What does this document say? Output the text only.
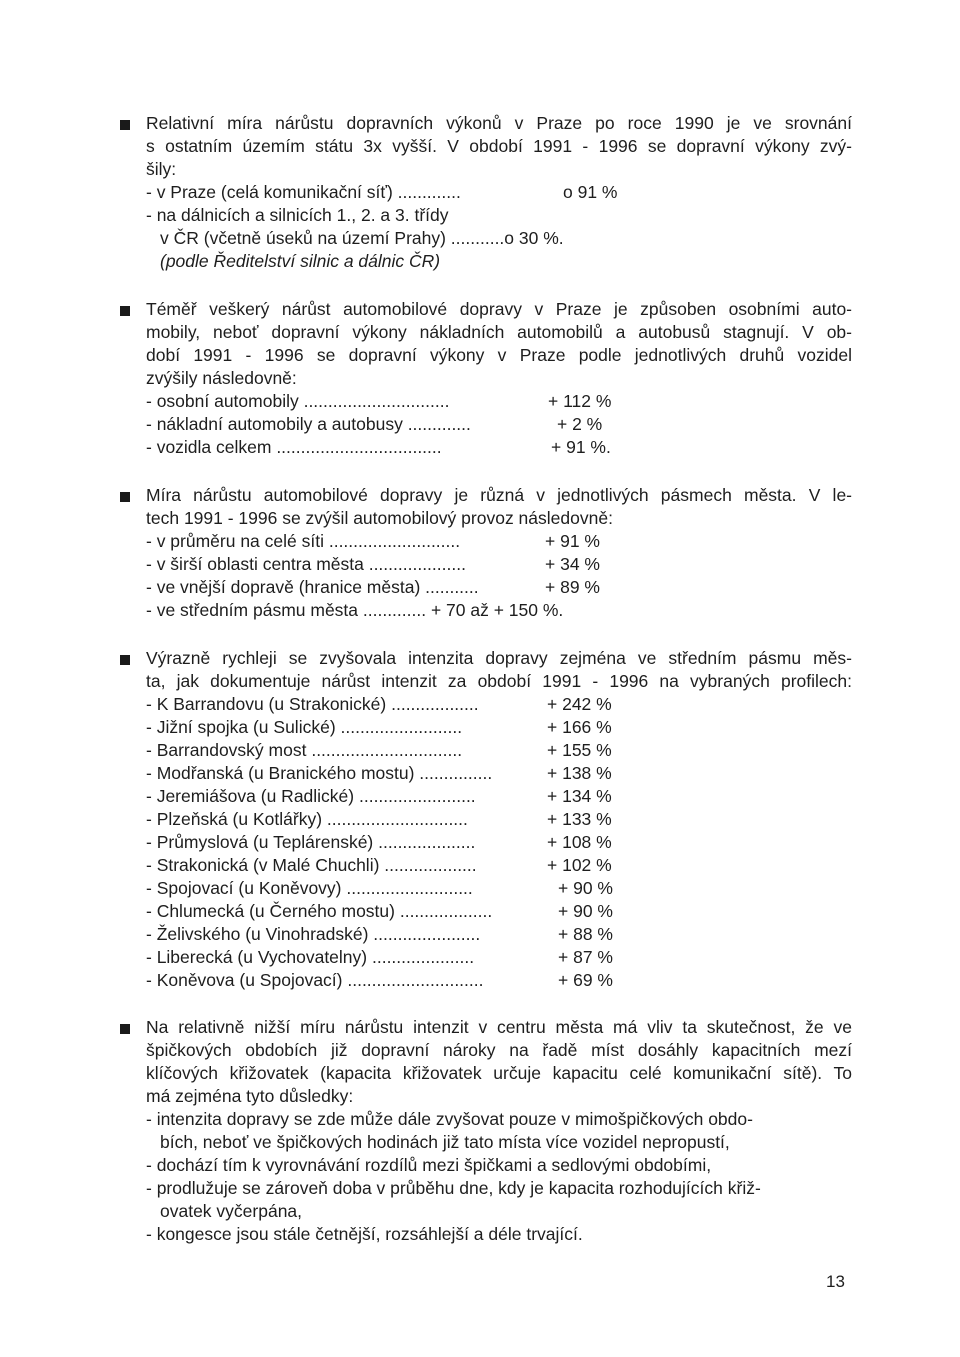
Relativní míra nárůstu dopravních výkonů v Praze po roce 1990 je ve srovnání
s ostatním územím státu 3x vyšší. V období 1991 - 1996 se dopravní výkony zvý-
šily:
- v Praze (celá komunikační síť) .............	o 91 %
- na dálnicích a silnicích 1., 2. a 3. třídy
v ČR (včetně úseků na území Prahy) ...........o 30 %.
(podle Ředitelství silnic a dálnic ČR)
Téměř veškerý nárůst automobilové dopravy v Praze je způsoben osobními auto-
mobily, neboť dopravní výkony nákladních automobilů a autobusů stagnují. V ob-
dobí 1991 - 1996 se dopravní výkony v Praze podle jednotlivých druhů vozidel
zvýšily následovně:
- osobní automobily ..............................	+ 112 %
- nákladní automobily a autobusy .............	+ 2 %
- vozidla celkem ..................................	+ 91 %.
Míra nárůstu automobilové dopravy je různá v jednotlivých pásmech města. V le-
tech 1991 - 1996 se zvýšil automobilový provoz následovně:
- v průměru na celé síti ...........................	+ 91 %
- v širší oblasti centra města ....................	+ 34 %
- ve vnější dopravě (hranice města) ...........	+ 89 %
- ve středním pásmu města ............. + 70 až + 150 %.
Výrazně rychleji se zvyšovala intenzita dopravy zejména ve středním pásmu měs-
ta, jak dokumentuje nárůst intenzit za období 1991 - 1996 na vybraných profilech:
- K Barrandovu (u Strakonické) ..................	+ 242 %
- Jižní spojka (u Sulické) .........................	+ 166 %
- Barrandovský most ...............................	+ 155 %
- Modřanská (u Branického mostu) ...............	+ 138 %
- Jeremiášova (u Radlické) ........................	+ 134 %
- Plzeňská (u Kotlářky) .............................	+ 133 %
- Průmyslová (u Teplárenské) ....................	+ 108 %
- Strakonická (v Malé Chuchli) ...................	+ 102 %
- Spojovací (u Koněvovy) ..........................	+ 90 %
- Chlumecká (u Černého mostu) ...................	+ 90 %
- Želivského (u Vinohradské) ......................	+ 88 %
- Liberecká (u Vychovatelny) .....................	+ 87 %
- Koněvova (u Spojovací) ............................	+ 69 %
Na relativně nižší míru nárůstu intenzit v centru města má vliv ta skutečnost, že ve
špičkových obdobích již dopravní nároky na řadě míst dosáhly kapacitních mezí
klíčových křižovatek (kapacita křižovatek určuje kapacitu celé komunikační sítě). To
má zejména tyto důsledky:
- intenzita dopravy se zde může dále zvyšovat pouze v mimošpičkových obdo-
bích, neboť ve špičkových hodinách již tato místa více vozidel nepropustí,
- dochází tím k vyrovnávání rozdílů mezi špičkami a sedlovými obdobími,
- prodlužuje se zároveň doba v průběhu dne, kdy je kapacita rozhodujících křiž-
ovatek vyčerpána,
- kongesce jsou stále četnější, rozsáhlejší a déle trvající.
13
